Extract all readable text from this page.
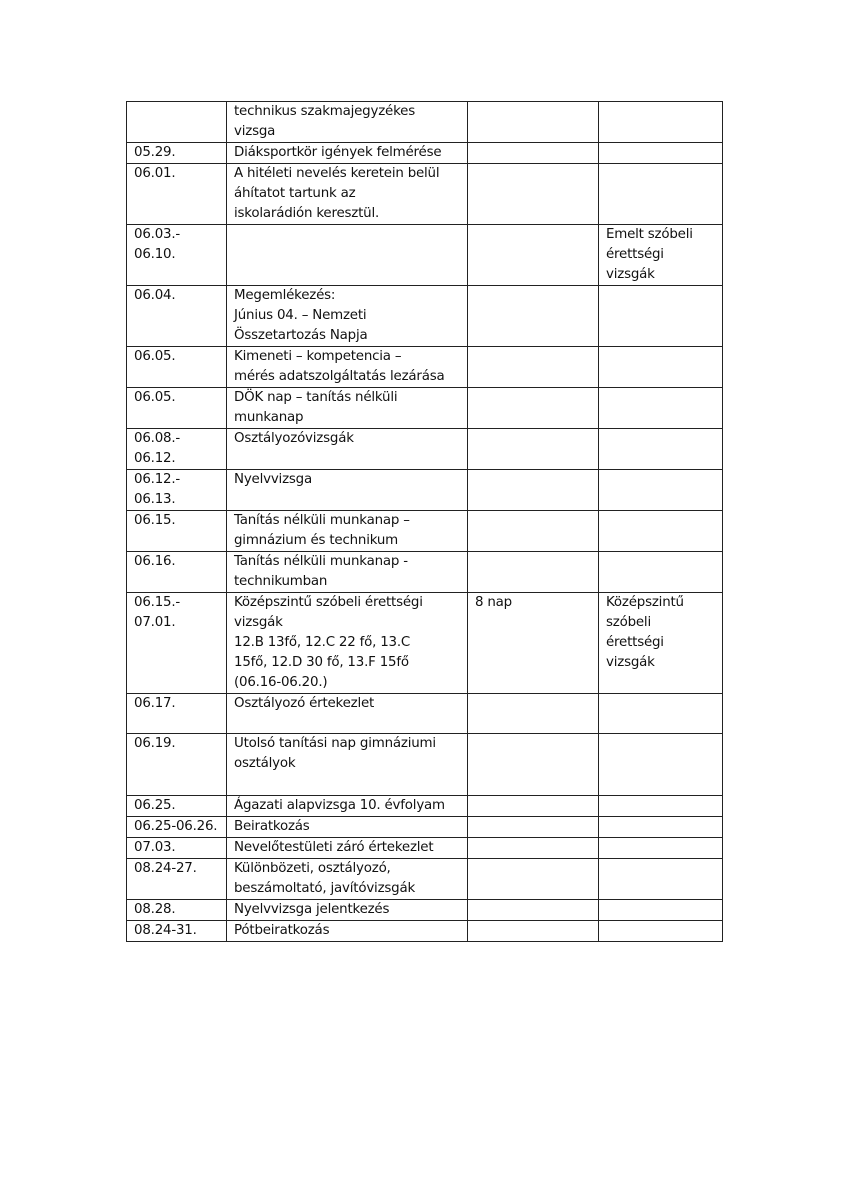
	technikus szakmajegyzékes
vizsga		

05.29.	Diáksportkör igények felmérése		

06.01.	A hitéleti nevelés keretein belül
áhítatot tartunk az
iskolarádión keresztül.		

06.03.-
06.10.			Emelt szóbeli
érettségi
vizsgák

06.04.	Megemlékezés:
Június 04. – Nemzeti
Összetartozás Napja		

06.05.	Kimeneti – kompetencia –
mérés adatszolgáltatás lezárása		

06.05.	DÖK nap – tanítás nélküli
munkanap		

06.08.-
06.12.	Osztályozóvizsgák		

06.12.-
06.13.	Nyelvvizsga		

06.15.	Tanítás nélküli munkanap –
gimnázium és technikum		

06.16.	Tanítás nélküli munkanap -
technikumban		

06.15.-
07.01.	Középszintű szóbeli érettségi
vizsgák
12.B 13fő, 12.C 22 fő, 13.C
15fő, 12.D 30 fő, 13.F 15fő
(06.16-06.20.)	8 nap	Középszintű
szóbeli
érettségi
vizsgák

06.17.	Osztályozó értekezlet		

06.19.	Utolsó tanítási nap gimnáziumi
osztályok		

06.25.	Ágazati alapvizsga 10. évfolyam		

06.25-06.26.	Beiratkozás		

07.03.	Nevelőtestületi záró értekezlet		

08.24-27.	Különbözeti, osztályozó,
beszámoltató, javítóvizsgák		

08.28.	Nyelvvizsga jelentkezés		

08.24-31.	Pótbeiratkozás		
